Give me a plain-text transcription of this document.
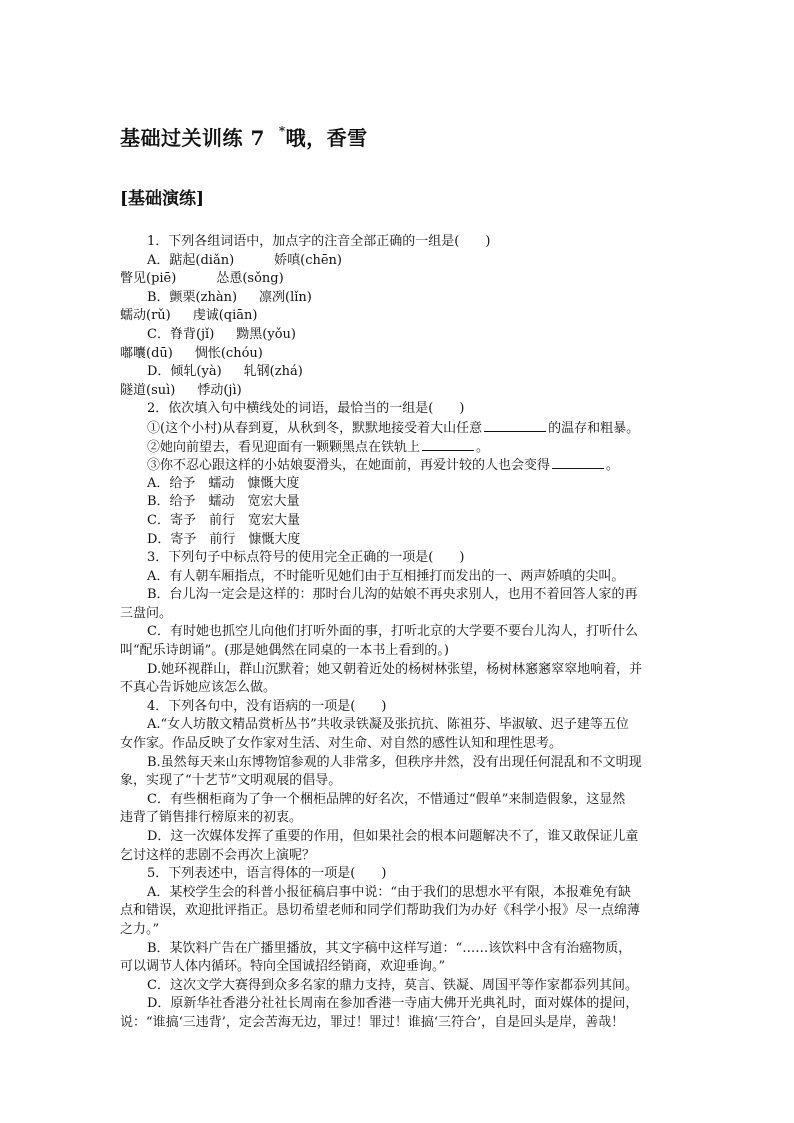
基础过关训练 7 *哦，香雪
[基础演练]
1．下列各组词语中，加点字的注音全部正确的一组是(　　)
A．踮起(diǎn)	娇嗔(chēn)
瞥见(piē)	怂恿(sǒng)
B．颤栗(zhàn) 凛冽(lǐn)
蠕动(rǔ) 虔诚(qiān)
C．脊背(jǐ) 黝黑(yǒu)
嘟囔(dū) 惆怅(chóu)
D．倾轧(yà) 轧钢(zhá)
隧道(suì) 悸动(jì)
2．依次填入句中横线处的词语，最恰当的一组是(　　)
①(这个小村)从春到夏，从秋到冬，默默地接受着大山任意	的温存和粗暴。
②她向前望去，看见迎面有一颗颗黑点在铁轨上	。
③你不忍心跟这样的小姑娘耍滑头，在她面前，再爱计较的人也会变得	。
A．给予　蠕动　慷慨大度
B．给予　蠕动　宽宏大量
C．寄予　前行　宽宏大量
D．寄予　前行　慷慨大度
3．下列句子中标点符号的使用完全正确的一项是(　　)
A．有人朝车厢指点，不时能听见她们由于互相捶打而发出的一、两声娇嗔的尖叫。
B．台儿沟一定会是这样的：那时台儿沟的姑娘不再央求别人，也用不着回答人家的再
三盘问。
C．有时她也抓空儿向他们打听外面的事，打听北京的大学要不要台儿沟人，打听什么
叫“配乐诗朗诵”。(那是她偶然在同桌的一本书上看到的。)
D.她环视群山，群山沉默着；她又朝着近处的杨树林张望，杨树林窸窸窣窣地响着，并
不真心告诉她应该怎么做。
4．下列各句中，没有语病的一项是(　　)
A.“女人坊散文精品赏析丛书”共收录铁凝及张抗抗、陈祖芬、毕淑敏、迟子建等五位
女作家。作品反映了女作家对生活、对生命、对自然的感性认知和理性思考。
B.虽然每天来山东博物馆参观的人非常多，但秩序井然，没有出现任何混乱和不文明现
象，实现了“十艺节”文明观展的倡导。
C．有些梱柜商为了争一个梱柜品牌的好名次，不惜通过“假单”来制造假象，这显然
违背了销售排行榜原来的初衷。
D．这一次媒体发挥了重要的作用，但如果社会的根本问题解决不了，谁又敢保证儿童
乞讨这样的悲剧不会再次上演呢？
5．下列表述中，语言得体的一项是(　　)
A．某校学生会的科普小报征稿启事中说：“由于我们的思想水平有限，本报难免有缺
点和错误，欢迎批评指正。恳切希望老师和同学们帮助我们为办好《科学小报》尽一点绵薄
之力。”
B．某饮料广告在广播里播放，其文字稿中这样写道：“……该饮料中含有治癌物质，
可以调节人体内循环。特向全国诚招经销商，欢迎垂询。”
C．这次文学大赛得到众多名家的鼎力支持，莫言、铁凝、周国平等作家都忝列其间。
D．原新华社香港分社社长周南在参加香港一寺庙大佛开光典礼时，面对媒体的提问，
说：“谁搞‘三违背’，定会苦海无边，罪过！罪过！谁搞‘三符合’，自是回头是岸，善哉！
